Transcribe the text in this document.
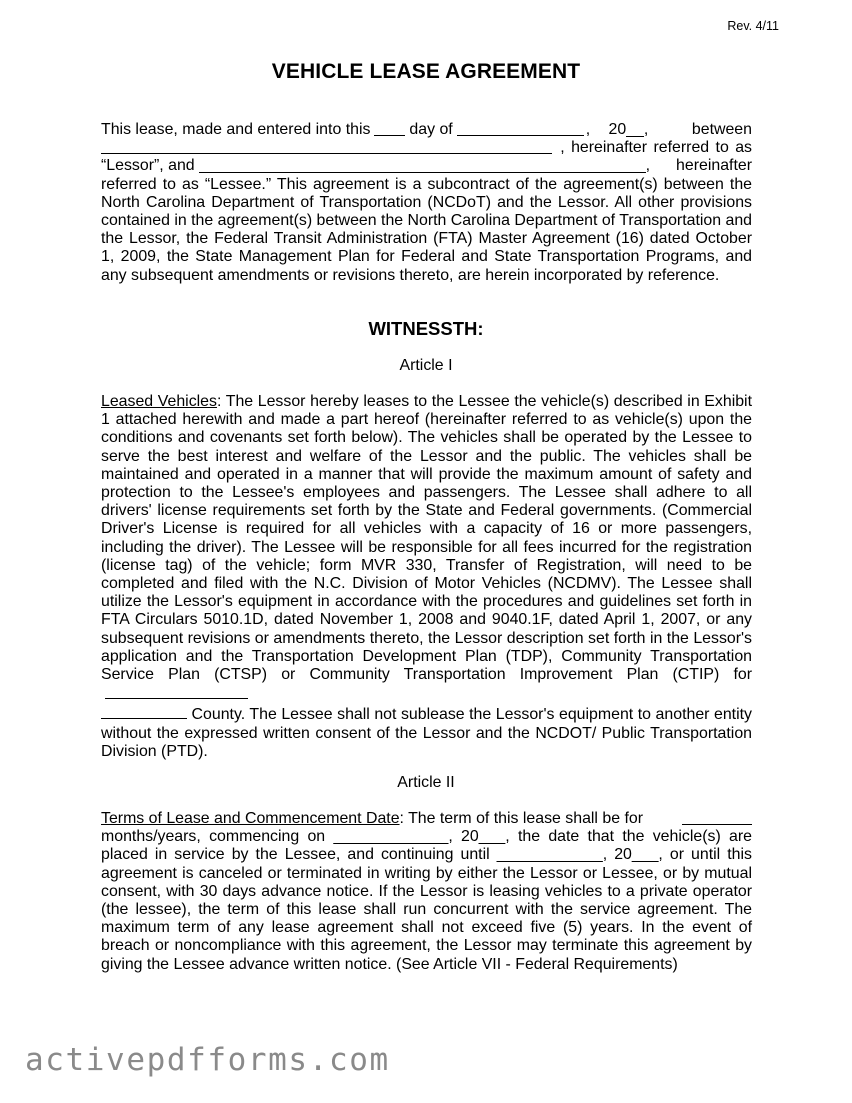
Rev. 4/11
VEHICLE LEASE AGREEMENT
This lease, made and entered into this day of	, 20__,	between
, hereinafter referred to as
“Lessor”, and	, hereinafter
referred to as “Lessee.” This agreement is a subcontract of the agreement(s) between the North Carolina Department of Transportation (NCDoT) and the Lessor. All other provisions contained in the agreement(s) between the North Carolina Department of Transportation and the Lessor, the Federal Transit Administration (FTA) Master Agreement (16) dated October 1, 2009, the State Management Plan for Federal and State Transportation Programs, and any subsequent amendments or revisions thereto, are herein incorporated by reference.
WITNESSTH:
Article I
Leased Vehicles: The Lessor hereby leases to the Lessee the vehicle(s) described in Exhibit 1 attached herewith and made a part hereof (hereinafter referred to as vehicle(s) upon the conditions and covenants set forth below). The vehicles shall be operated by the Lessee to serve the best interest and welfare of the Lessor and the public. The vehicles shall be maintained and operated in a manner that will provide the maximum amount of safety and protection to the Lessee's employees and passengers. The Lessee shall adhere to all drivers' license requirements set forth by the State and Federal governments. (Commercial Driver's License is required for all vehicles with a capacity of 16 or more passengers, including the driver). The Lessee will be responsible for all fees incurred for the registration (license tag) of the vehicle; form MVR 330, Transfer of Registration, will need to be completed and filed with the N.C. Division of Motor Vehicles (NCDMV). The Lessee shall utilize the Lessor's equipment in accordance with the procedures and guidelines set forth in FTA Circulars 5010.1D, dated November 1, 2008 and 9040.1F, dated April 1, 2007, or any subsequent revisions or amendments thereto, the Lessor description set forth in the Lessor's application and the Transportation Development Plan (TDP), Community Transportation Service Plan (CTSP) or Community Transportation Improvement Plan (CTIP) for
County. The Lessee shall not sublease the Lessor's equipment to another entity without the expressed written consent of the Lessor and the NCDOT/ Public Transportation Division (PTD).
Article II
Terms of Lease and Commencement Date : The term of this lease shall be for
months/years, commencing on _____________, 20___, the date that the vehicle(s) are
placed in service by the Lessee, and continuing until ____________, 20___, or until this
agreement is canceled or terminated in writing by either the Lessor or Lessee, or by mutual consent, with 30 days advance notice. If the Lessor is leasing vehicles to a private operator (the lessee), the term of this lease shall run concurrent with the service agreement. The maximum term of any lease agreement shall not exceed five (5) years. In the event of breach or noncompliance with this agreement, the Lessor may terminate this agreement by giving the Lessee advance written notice. (See Article VII - Federal Requirements)
activepdfforms.com
